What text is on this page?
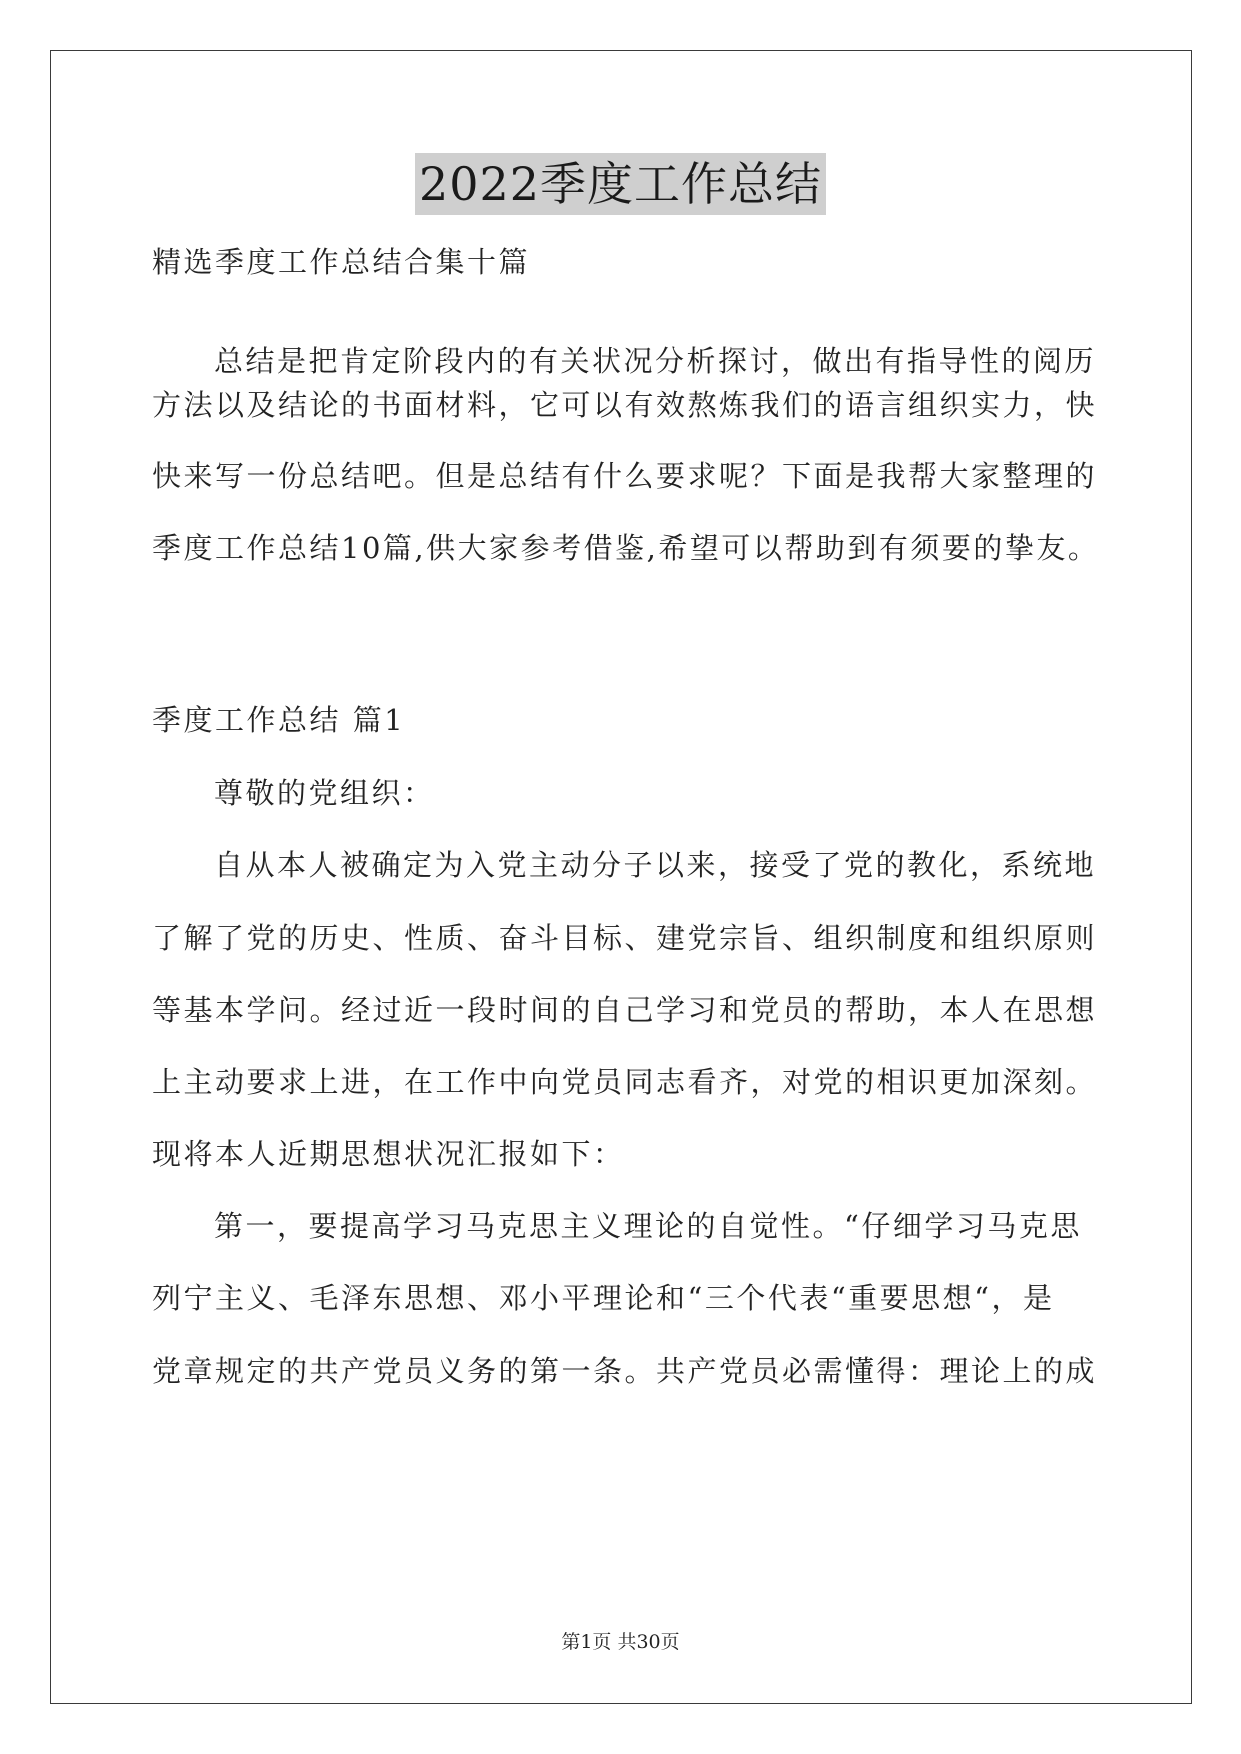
2022季度工作总结
精选季度工作总结合集十篇
总结是把肯定阶段内的有关状况分析探讨，做出有指导性的阅历
方法以及结论的书面材料，它可以有效熬炼我们的语言组织实力，快
快来写一份总结吧。但是总结有什么要求呢？下面是我帮大家整理的
季度工作总结10篇,供大家参考借鉴,希望可以帮助到有须要的挚友。
季度工作总结 篇1
尊敬的党组织：
自从本人被确定为入党主动分子以来，接受了党的教化，系统地
了解了党的历史、性质、奋斗目标、建党宗旨、组织制度和组织原则
等基本学问。经过近一段时间的自己学习和党员的帮助，本人在思想
上主动要求上进，在工作中向党员同志看齐，对党的相识更加深刻。
现将本人近期思想状况汇报如下：
第一，要提高学习马克思主义理论的自觉性。“仔细学习马克思
列宁主义、毛泽东思想、邓小平理论和“三个代表“重要思想“，是
党章规定的共产党员义务的第一条。共产党员必需懂得：理论上的成
第1页 共30页
